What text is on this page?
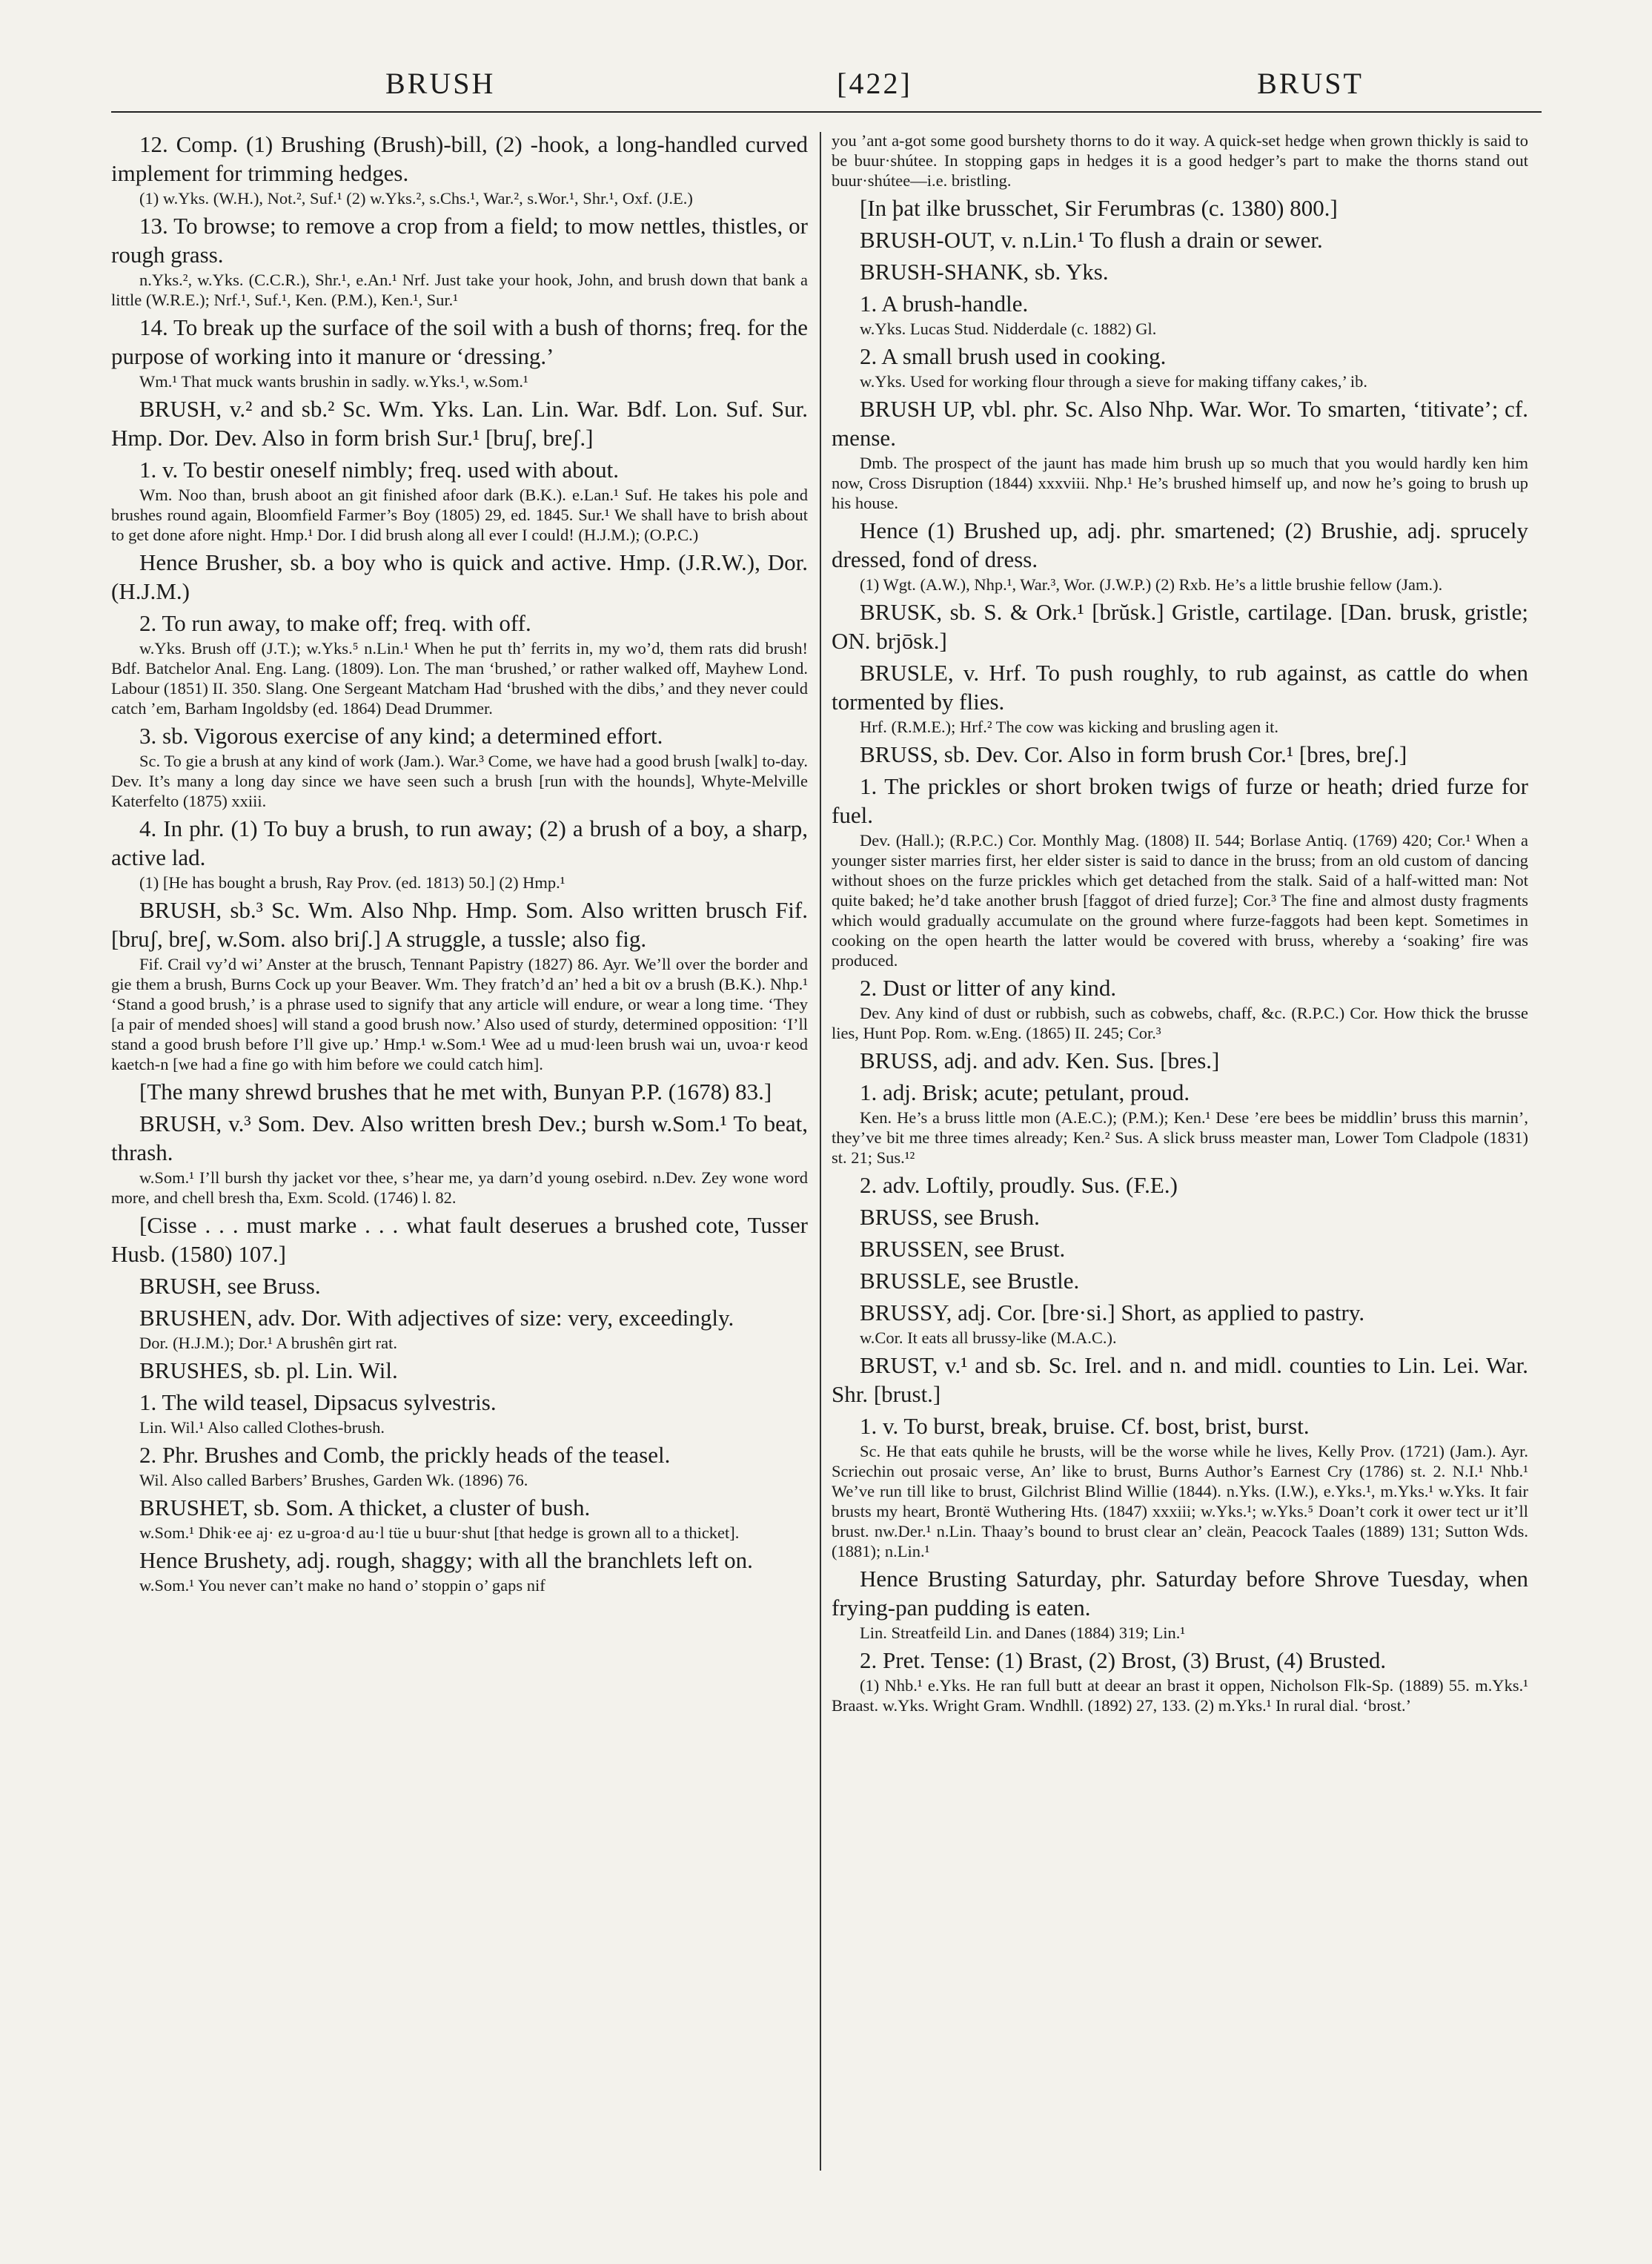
BRUSH	[422]	BRUST

12. Comp. (1) Brushing (Brush)-bill, (2) -hook, a long-handled curved implement for trimming hedges.

(1) w.Yks. (W.H.), Not.², Suf.¹ (2) w.Yks.², s.Chs.¹, War.², s.Wor.¹, Shr.¹, Oxf. (J.E.)

13. To browse; to remove a crop from a field; to mow nettles, thistles, or rough grass.

n.Yks.², w.Yks. (C.C.R.), Shr.¹, e.An.¹ Nrf. Just take your hook, John, and brush down that bank a little (W.R.E.); Nrf.¹, Suf.¹, Ken. (P.M.), Ken.¹, Sur.¹

14. To break up the surface of the soil with a bush of thorns; freq. for the purpose of working into it manure or ‘dressing.’

Wm.¹ That muck wants brushin in sadly. w.Yks.¹, w.Som.¹

BRUSH, v.² and sb.² Sc. Wm. Yks. Lan. Lin. War. Bdf. Lon. Suf. Sur. Hmp. Dor. Dev. Also in form brish Sur.¹ [bruʃ, breʃ.]

1. v. To bestir oneself nimbly; freq. used with about.

Wm. Noo than, brush aboot an git finished afoor dark (B.K.). e.Lan.¹ Suf. He takes his pole and brushes round again, Bloomfield Farmer’s Boy (1805) 29, ed. 1845. Sur.¹ We shall have to brish about to get done afore night. Hmp.¹ Dor. I did brush along all ever I could! (H.J.M.); (O.P.C.)

Hence Brusher, sb. a boy who is quick and active. Hmp. (J.R.W.), Dor. (H.J.M.)

2. To run away, to make off; freq. with off.

w.Yks. Brush off (J.T.); w.Yks.⁵ n.Lin.¹ When he put th’ ferrits in, my wo’d, them rats did brush! Bdf. Batchelor Anal. Eng. Lang. (1809). Lon. The man ‘brushed,’ or rather walked off, Mayhew Lond. Labour (1851) II. 350. Slang. One Sergeant Matcham Had ‘brushed with the dibs,’ and they never could catch ’em, Barham Ingoldsby (ed. 1864) Dead Drummer.

3. sb. Vigorous exercise of any kind; a determined effort.

Sc. To gie a brush at any kind of work (Jam.). War.³ Come, we have had a good brush [walk] to-day. Dev. It’s many a long day since we have seen such a brush [run with the hounds], Whyte-Melville Katerfelto (1875) xxiii.

4. In phr. (1) To buy a brush, to run away; (2) a brush of a boy, a sharp, active lad.

(1) [He has bought a brush, Ray Prov. (ed. 1813) 50.] (2) Hmp.¹

BRUSH, sb.³ Sc. Wm. Also Nhp. Hmp. Som. Also written brusch Fif. [bruʃ, breʃ, w.Som. also briʃ.] A struggle, a tussle; also fig.

Fif. Crail vy’d wi’ Anster at the brusch, Tennant Papistry (1827) 86. Ayr. We’ll over the border and gie them a brush, Burns Cock up your Beaver. Wm. They fratch’d an’ hed a bit ov a brush (B.K.). Nhp.¹ ‘Stand a good brush,’ is a phrase used to signify that any article will endure, or wear a long time. ‘They [a pair of mended shoes] will stand a good brush now.’ Also used of sturdy, determined opposition: ‘I’ll stand a good brush before I’ll give up.’ Hmp.¹ w.Som.¹ Wee ad u mud·leen brush wai un, uvoa·r keod kaetch-n [we had a fine go with him before we could catch him].

[The many shrewd brushes that he met with, Bunyan P.P. (1678) 83.]

BRUSH, v.³ Som. Dev. Also written bresh Dev.; bursh w.Som.¹ To beat, thrash.

w.Som.¹ I’ll bursh thy jacket vor thee, s’hear me, ya darn’d young osebird. n.Dev. Zey wone word more, and chell bresh tha, Exm. Scold. (1746) l. 82.

[Cisse . . . must marke . . . what fault deserues a brushed cote, Tusser Husb. (1580) 107.]

BRUSH, see Bruss.

BRUSHEN, adv. Dor. With adjectives of size: very, exceedingly.

Dor. (H.J.M.); Dor.¹ A brushên girt rat.

BRUSHES, sb. pl. Lin. Wil.

1. The wild teasel, Dipsacus sylvestris.

Lin. Wil.¹ Also called Clothes-brush.

2. Phr. Brushes and Comb, the prickly heads of the teasel.

Wil. Also called Barbers’ Brushes, Garden Wk. (1896) 76.

BRUSHET, sb. Som. A thicket, a cluster of bush.

w.Som.¹ Dhik·ee aj· ez u-groa·d au·l tüe u buur·shut [that hedge is grown all to a thicket].

Hence Brushety, adj. rough, shaggy; with all the branchlets left on.

w.Som.¹ You never can’t make no hand o’ stoppin o’ gaps nif

you ’ant a-got some good burshety thorns to do it way. A quick-set hedge when grown thickly is said to be buur·shútee. In stopping gaps in hedges it is a good hedger’s part to make the thorns stand out buur·shútee—i.e. bristling.

[In þat ilke brusschet, Sir Ferumbras (c. 1380) 800.]

BRUSH-OUT, v. n.Lin.¹ To flush a drain or sewer.

BRUSH-SHANK, sb. Yks.

1. A brush-handle.

w.Yks. Lucas Stud. Nidderdale (c. 1882) Gl.

2. A small brush used in cooking.

w.Yks. Used for working flour through a sieve for making tiffany cakes,’ ib.

BRUSH UP, vbl. phr. Sc. Also Nhp. War. Wor. To smarten, ‘titivate’; cf. mense.

Dmb. The prospect of the jaunt has made him brush up so much that you would hardly ken him now, Cross Disruption (1844) xxxviii. Nhp.¹ He’s brushed himself up, and now he’s going to brush up his house.

Hence (1) Brushed up, adj. phr. smartened; (2) Brushie, adj. sprucely dressed, fond of dress.

(1) Wgt. (A.W.), Nhp.¹, War.³, Wor. (J.W.P.) (2) Rxb. He’s a little brushie fellow (Jam.).

BRUSK, sb. S. & Ork.¹ [brŭsk.] Gristle, cartilage. [Dan. brusk, gristle; ON. brjōsk.]

BRUSLE, v. Hrf. To push roughly, to rub against, as cattle do when tormented by flies.

Hrf. (R.M.E.); Hrf.² The cow was kicking and brusling agen it.

BRUSS, sb. Dev. Cor. Also in form brush Cor.¹ [bres, breʃ.]

1. The prickles or short broken twigs of furze or heath; dried furze for fuel.

Dev. (Hall.); (R.P.C.) Cor. Monthly Mag. (1808) II. 544; Borlase Antiq. (1769) 420; Cor.¹ When a younger sister marries first, her elder sister is said to dance in the bruss; from an old custom of dancing without shoes on the furze prickles which get detached from the stalk. Said of a half-witted man: Not quite baked; he’d take another brush [faggot of dried furze]; Cor.³ The fine and almost dusty fragments which would gradually accumulate on the ground where furze-faggots had been kept. Sometimes in cooking on the open hearth the latter would be covered with bruss, whereby a ‘soaking’ fire was produced.

2. Dust or litter of any kind.

Dev. Any kind of dust or rubbish, such as cobwebs, chaff, &c. (R.P.C.) Cor. How thick the brusse lies, Hunt Pop. Rom. w.Eng. (1865) II. 245; Cor.³

BRUSS, adj. and adv. Ken. Sus. [bres.]

1. adj. Brisk; acute; petulant, proud.

Ken. He’s a bruss little mon (A.E.C.); (P.M.); Ken.¹ Dese ’ere bees be middlin’ bruss this marnin’, they’ve bit me three times already; Ken.² Sus. A slick bruss measter man, Lower Tom Cladpole (1831) st. 21; Sus.¹²

2. adv. Loftily, proudly. Sus. (F.E.)

BRUSS, see Brush.

BRUSSEN, see Brust.

BRUSSLE, see Brustle.

BRUSSY, adj. Cor. [bre·si.] Short, as applied to pastry.

w.Cor. It eats all brussy-like (M.A.C.).

BRUST, v.¹ and sb. Sc. Irel. and n. and midl. counties to Lin. Lei. War. Shr. [brust.]

1. v. To burst, break, bruise. Cf. bost, brist, burst.

Sc. He that eats quhile he brusts, will be the worse while he lives, Kelly Prov. (1721) (Jam.). Ayr. Scriechin out prosaic verse, An’ like to brust, Burns Author’s Earnest Cry (1786) st. 2. N.I.¹ Nhb.¹ We’ve run till like to brust, Gilchrist Blind Willie (1844). n.Yks. (I.W.), e.Yks.¹, m.Yks.¹ w.Yks. It fair brusts my heart, Brontë Wuthering Hts. (1847) xxxiii; w.Yks.¹; w.Yks.⁵ Doan’t cork it ower tect ur it’ll brust. nw.Der.¹ n.Lin. Thaay’s bound to brust clear an’ cleän, Peacock Taales (1889) 131; Sutton Wds. (1881); n.Lin.¹

Hence Brusting Saturday, phr. Saturday before Shrove Tuesday, when frying-pan pudding is eaten.

Lin. Streatfeild Lin. and Danes (1884) 319; Lin.¹

2. Pret. Tense: (1) Brast, (2) Brost, (3) Brust, (4) Brusted.

(1) Nhb.¹ e.Yks. He ran full butt at deear an brast it oppen, Nicholson Flk-Sp. (1889) 55. m.Yks.¹ Braast. w.Yks. Wright Gram. Wndhll. (1892) 27, 133. (2) m.Yks.¹ In rural dial. ‘brost.’
